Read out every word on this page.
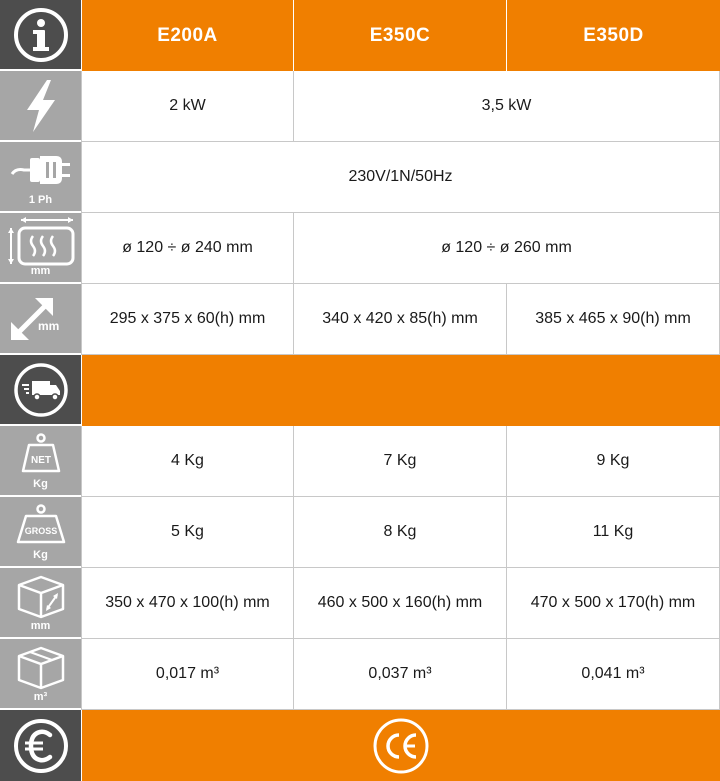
E200A	E350C	E350D
2 kW	3,5 kW
1 Ph
230V/1N/50Hz
mm
ø 120 ÷ ø 240 mm	ø 120 ÷ ø 260 mm
mm	295 x 375 x 60(h) mm	340 x 420 x 85(h) mm	385 x 465 x 90(h) mm
NET
Kg
4 Kg	7 Kg	9 Kg
GROSS
Kg
5 Kg	8 Kg	11 Kg
mm
350 x 470 x 100(h) mm	460 x 500 x 160(h) mm	470 x 500 x 170(h) mm
m³
0,017 m³	0,037 m³	0,041 m³
